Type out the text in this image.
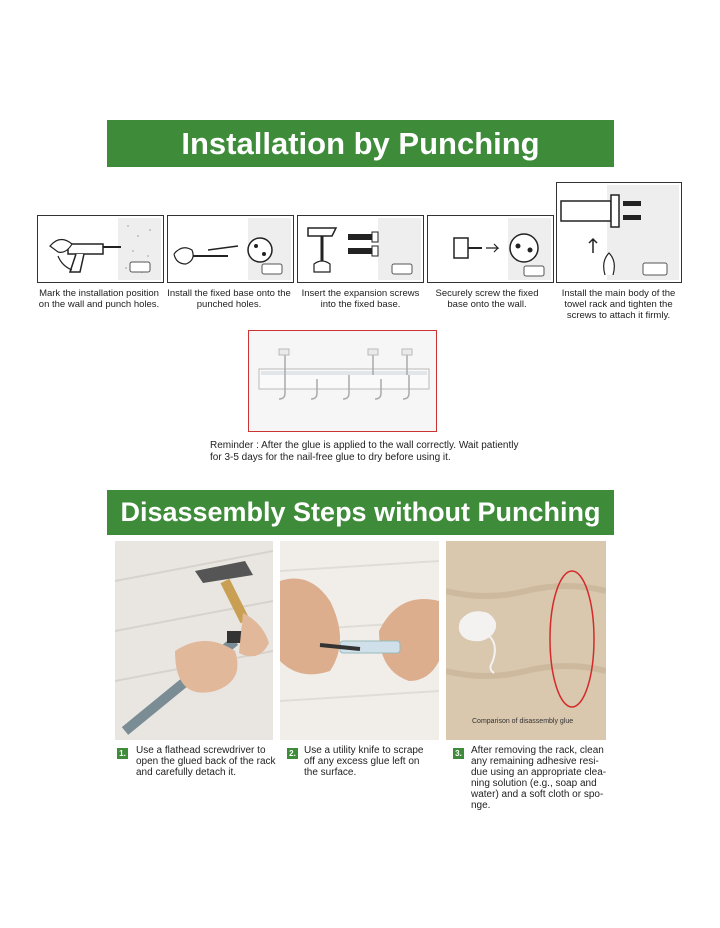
Installation by Punching
Mark the installation position on the wall and punch holes.
Install the fixed base onto the punched holes.
Insert the expansion screws into the fixed base.
Securely screw the fixed base onto the wall.
Install the main body of the towel rack and tighten the screws to attach it firmly.
Reminder : After the glue is applied to the wall correctly. Wait patiently for 3-5 days for the nail-free glue to dry before using it.
Disassembly Steps without Punching
Comparison of disassembly glue
1. Use a flathead screwdriver to open the glued back of the rack and carefully detach it.
2. Use a utility knife to scrape off any excess glue left on the surface.
3. After removing the rack, clean any remaining adhesive resi-due using an appropriate clea-ning solution (e.g., soap and water) and a soft cloth or spo-nge.
